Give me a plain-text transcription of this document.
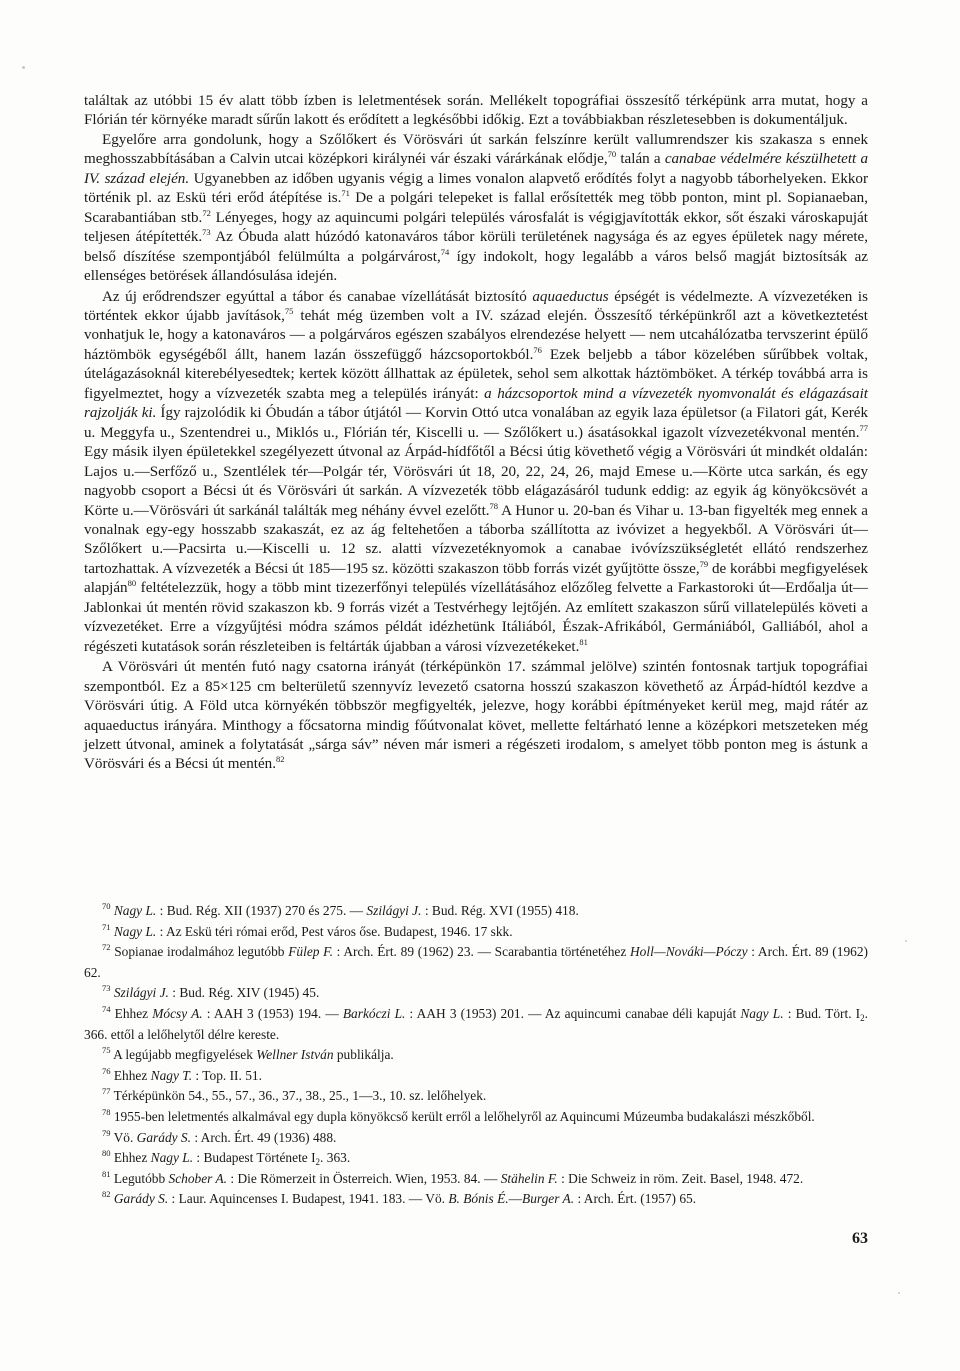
találtak az utóbbi 15 év alatt több ízben is leletmentések során. Mellékelt topográfiai összesítő térképünk arra mutat, hogy a Flórián tér környéke maradt sűrűn lakott és erődített a legkésőbbi időkig. Ezt a továbbiakban részletesebben is dokumentáljuk.

Egyelőre arra gondolunk, hogy a Szőlőkert és Vörösvári út sarkán felszínre került vallumrendszer kis szakasza s ennek meghosszabbításában a Calvin utcai középkori királynéi vár északi várárkának elődje,$^{70}$ talán a canabae védelmére készülhetett a IV. század elején. Ugyanebben az időben ugyanis végig a limes vonalon alapvető erődítés folyt a nagyobb táborhelyeken. Ekkor történik pl. az Eskü téri erőd átépítése is.$^{71}$ De a polgári telepeket is fallal erősítették meg több ponton, mint pl. Sopianaeban, Scarabantiában stb.$^{72}$ Lényeges, hogy az aquincumi polgári település városfalát is végigjavították ekkor, sőt északi városkapuját teljesen átépítették.$^{73}$ Az Óbuda alatt húzódó katonaváros tábor körüli területének nagysága és az egyes épületek nagy mérete, belső díszítése szempontjából felülmúlta a polgárvárost,$^{74}$ így indokolt, hogy legalább a város belső magját biztosítsák az ellenséges betörések állandósulása idején.

Az új erődrendszer egyúttal a tábor és canabae vízellátását biztosító aquaeductus épségét is védelmezte. A vízvezetéken is történtek ekkor újabb javítások,$^{75}$ tehát még üzemben volt a IV. század elején. Összesítő térképünkről azt a következtetést vonhatjuk le, hogy a katonaváros — a polgárváros egészen szabályos elrendezése helyett — nem utcahálózatba tervszerint épülő háztömbök egységéből állt, hanem lazán összefüggő házcsoportokból.$^{76}$ Ezek beljebb a tábor közelében sűrűbbek voltak, útelágazásoknál kiterebélyesedtek; kertek között állhattak az épületek, sehol sem alkottak háztömböket. A térkép továbbá arra is figyelmeztet, hogy a vízvezeték szabta meg a település irányát: a házcsoportok mind a vízvezeték nyomvonalát és elágazásait rajzolják ki. Így rajzolódik ki Óbudán a tábor útjától — Korvin Ottó utca vonalában az egyik laza épületsor (a Filatori gát, Kerék u. Meggyfa u., Szentendrei u., Miklós u., Flórián tér, Kiscelli u. — Szőlőkert u.) ásatásokkal igazolt vízvezetékvonal mentén.$^{77}$ Egy másik ilyen épületekkel szegélyezett útvonal az Árpád-hídfőtől a Bécsi útig követhető végig a Vörösvári út mindkét oldalán: Lajos u.—Serfőző u., Szentlélek tér—Polgár tér, Vörösvári út 18, 20, 22, 24, 26, majd Emese u.—Körte utca sarkán, és egy nagyobb csoport a Bécsi út és Vörösvári út sarkán. A vízvezeték több elágazásáról tudunk eddig: az egyik ág könyökcsövét a Körte u.—Vörösvári út sarkánál találták meg néhány évvel ezelőtt.$^{78}$ A Hunor u. 20-ban és Vihar u. 13-ban figyelték meg ennek a vonalnak egy-egy hosszabb szakaszát, ez az ág feltehetően a táborba szállította az ivóvizet a hegyekből. A Vörösvári út—Szőlőkert u.—Pacsirta u.—Kiscelli u. 12 sz. alatti vízvezetéknyomok a canabae ivóvízszükségletét ellátó rendszerhez tartozhattak. A vízvezeték a Bécsi út 185—195 sz. közötti szakaszon több forrás vizét gyűjtötte össze,$^{79}$ de korábbi megfigyelések alapján$^{80}$ feltételezzük, hogy a több mint tizezerfőnyi település vízellátásához előzőleg felvette a Farkastoroki út—Erdőalja út—Jablonkai út mentén rövid szakaszon kb. 9 forrás vizét a Testvérhegy lejtőjén. Az említett szakaszon sűrű villatelepülés követi a vízvezetéket. Erre a vízgyűjtési módra számos példát idézhetünk Itáliából, Észak-Afrikából, Germániából, Galliából, ahol a régészeti kutatások során részleteiben is feltárták újabban a városi vízvezetékeket.$^{81}$

A Vörösvári út mentén futó nagy csatorna irányát (térképünkön 17. számmal jelölve) szintén fontosnak tartjuk topográfiai szempontból. Ez a 85×125 cm belterületű szennyvíz levezető csatorna hosszú szakaszon követhető az Árpád-hídtól kezdve a Vörösvári útig. A Föld utca környékén többször megfigyelték, jelezve, hogy korábbi építményeket kerül meg, majd rátér az aquaeductus irányára. Minthogy a főcsatorna mindig főútvonalat követ, mellette feltárható lenne a középkori metszeteken még jelzett útvonal, aminek a folytatását „sárga sáv” néven már ismeri a régészeti irodalom, s amelyet több ponton meg is ástunk a Vörösvári és a Bécsi út mentén.$^{82}$

$^{70}$ Nagy L. : Bud. Rég. XII (1937) 270 és 275. — Szilágyi J. : Bud. Rég. XVI (1955) 418.

$^{71}$ Nagy L. : Az Eskü téri római erőd, Pest város őse. Budapest, 1946. 17 skk.

$^{72}$ Sopianae irodalmához legutóbb Fülep F. : Arch. Ért. 89 (1962) 23. — Scarabantia történetéhez Holl—Nováki—Póczy : Arch. Ért. 89 (1962) 62.

$^{73}$ Szilágyi J. : Bud. Rég. XIV (1945) 45.

$^{74}$ Ehhez Mócsy A. : AAH 3 (1953) 194. — Barkóczi L. : AAH 3 (1953) 201. — Az aquincumi canabae déli kapuját Nagy L. : Bud. Tört. $I_2$. 366. ettől a lelőhelytől délre kereste.

$^{75}$ A legújabb megfigyelések Wellner István publikálja.

$^{76}$ Ehhez Nagy T. : Top. II. 51.

$^{77}$ Térképünkön 54., 55., 57., 36., 37., 38., 25., 1—3., 10. sz. lelőhelyek.

$^{78}$ 1955-ben leletmentés alkalmával egy dupla könyökcső került erről a lelőhelyről az Aquincumi Múzeumba budakalászi mészkőből.

$^{79}$ Vö. Garády S. : Arch. Ért. 49 (1936) 488.

$^{80}$ Ehhez Nagy L. : Budapest Története $I_2$. 363.

$^{81}$ Legutóbb Schober A. : Die Römerzeit in Österreich. Wien, 1953. 84. — Stähelin F. : Die Schweiz in röm. Zeit. Basel, 1948. 472.

$^{82}$ Garády S. : Laur. Aquincenses I. Budapest, 1941. 183. — Vö. B. Bónis É.—Burger A. : Arch. Ért. (1957) 65.

63
